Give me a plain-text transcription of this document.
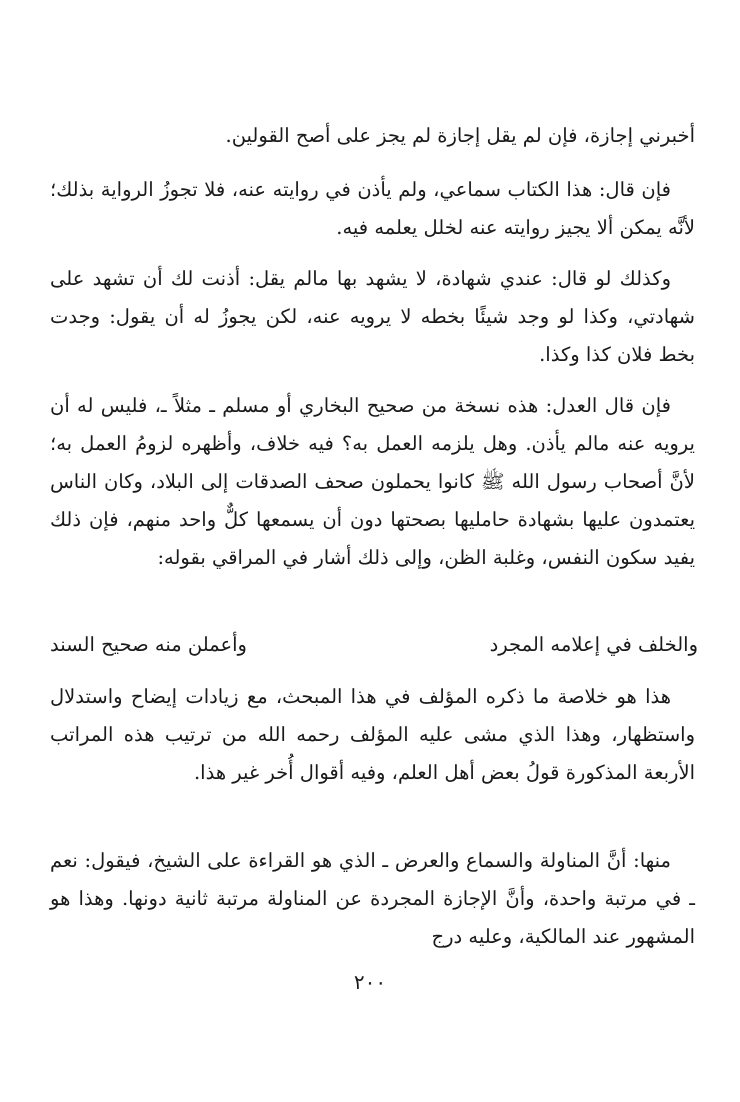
أخبرني إجازة، فإن لم يقل إجازة لم يجز على أصح القولين.

فإن قال: هذا الكتاب سماعي، ولم يأذن في روايته عنه، فلا تجوزُ الرواية بذلك؛ لأنَّه يمكن ألا يجيز روايته عنه لخلل يعلمه فيه.

وكذلك لو قال: عندي شهادة، لا يشهد بها مالم يقل: أذنت لك أن تشهد على شهادتي، وكذا لو وجد شيئًا بخطه لا يرويه عنه، لكن يجوزُ له أن يقول: وجدت بخط فلان كذا وكذا.

فإن قال العدل: هذه نسخة من صحيح البخاري أو مسلم ـ مثلاً ـ، فليس له أن يرويه عنه مالم يأذن. وهل يلزمه العمل به؟ فيه خلاف، وأظهره لزومُ العمل به؛ لأنَّ أصحاب رسول الله ﷺ كانوا يحملون صحف الصدقات إلى البلاد، وكان الناس يعتمدون عليها بشهادة حامليها بصحتها دون أن يسمعها كلٌّ واحد منهم، فإن ذلك يفيد سكون النفس، وغلبة الظن، وإلى ذلك أشار في المراقي بقوله:

والخلف في إعلامه المجرد
وأعملن منه صحيح السند

هذا هو خلاصة ما ذكره المؤلف في هذا المبحث، مع زيادات إيضاح واستدلال واستظهار، وهذا الذي مشى عليه المؤلف رحمه الله من ترتيب هذه المراتب الأربعة المذكورة قولُ بعض أهل العلم، وفيه أقوال أُخر غير هذا.

منها: أنَّ المناولة والسماع والعرض ـ الذي هو القراءة على الشيخ، فيقول: نعم ـ في مرتبة واحدة، وأنَّ الإجازة المجردة عن المناولة مرتبة ثانية دونها. وهذا هو المشهور عند المالكية، وعليه درج

٢٠٠
